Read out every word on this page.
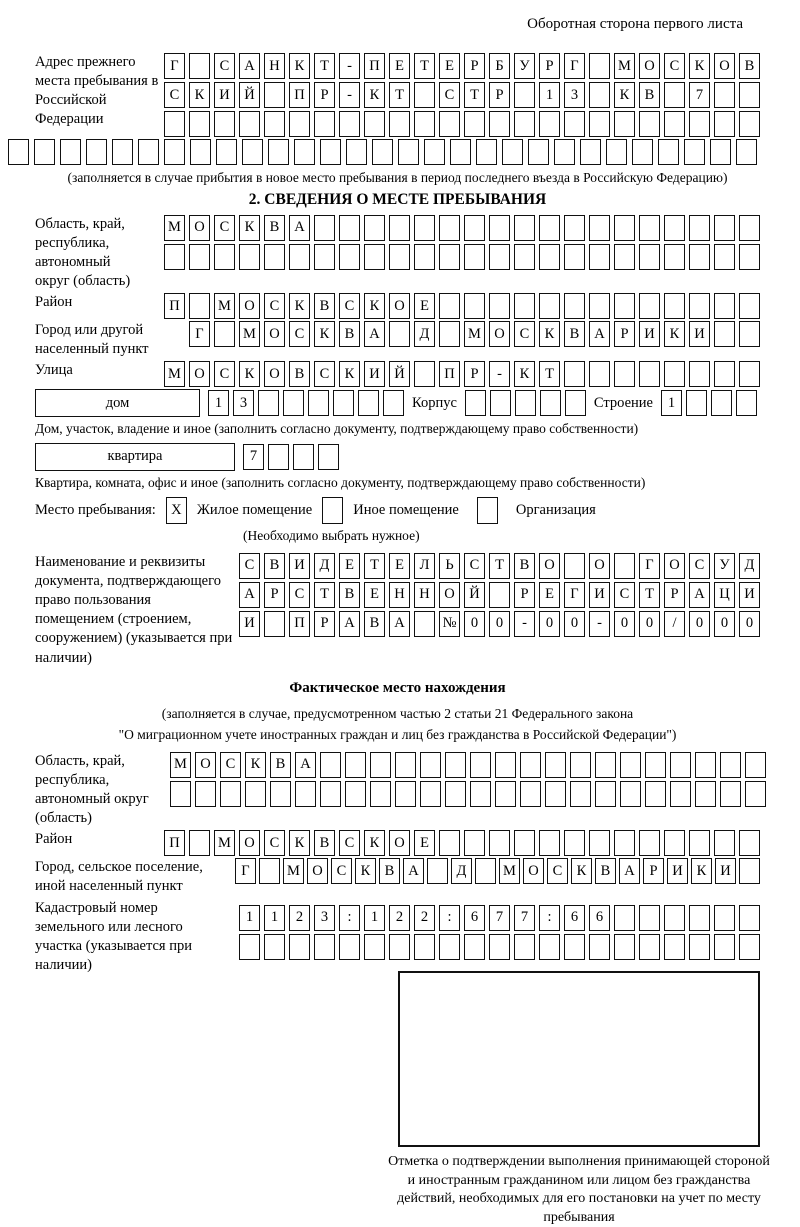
Оборотная сторона первого листа
Адрес прежнего места пребывания в Российской Федерации
Г	С	А	Н	К	Т	-	П	Е	Т	Е	Р	Б	У	Р	Г	М О	С	К	О	В
С	К	И	Й	П	Р	-	К	Т	С	Т	Р	1	3	К	В	7
(заполняется в случае прибытия в новое место пребывания в период последнего въезда в Российскую Федерацию)
2. СВЕДЕНИЯ О МЕСТЕ ПРЕБЫВАНИЯ
Область, край, республика, автономный округ (область)
М О	С	К	В	А
Район	П	М О	С	К	В	С	К	О	Е
Город или другой населенный пункт
Г	М О	С	К	В	А	Д	М О	С	К	В	А	Р	И	К	И
Улица	М О	С	К	О	В	С	К	И	Й	П	Р	-	К	Т
дом	1	3	Корпус	Строение	1
Дом, участок, владение и иное (заполнить согласно документу, подтверждающему право собственности)
квартира	7
Квартира, комната, офис и иное (заполнить согласно документу, подтверждающему право собственности)
Место пребывания:	X	Жилое помещение	Иное помещение	Организация
(Необходимо выбрать нужное)
Наименование и реквизиты документа, подтверждающего право пользования помещением (строением, сооружением) (указывается при наличии)
С	В	И	Д	Е	Т	Е	Л	Ь	С	Т	В	О	О	Г	О	С	У	Д
А	Р	С	Т	В	Е	Н	Н	О	Й	Р	Е	Г	И	С	Т	Р	А	Ц	И
И	П	Р	А	В	А	№ 0	0	-	0	0	-	0	0	/	0	0	0
Фактическое место нахождения
(заполняется в случае, предусмотренном частью 2 статьи 21 Федерального закона
"О миграционном учете иностранных граждан и лиц без гражданства в Российской Федерации")
Область, край, республика, автономный округ (область)
М О	С	К	В	А
Район	П	М О	С	К	В	С	К	О	Е
Город, сельское поселение, иной населенный пункт
Г	М О С К В А	Д	М О С К В А	Р	И К И
Кадастровый номер земельного или лесного участка (указывается при наличии)
1	1	2	3	:	1	2	2	:	6	7	7	:	6	6
Отметка о подтверждении выполнения принимающей стороной и иностранным гражданином или лицом без гражданства действий, необходимых для его постановки на учет по месту пребывания
